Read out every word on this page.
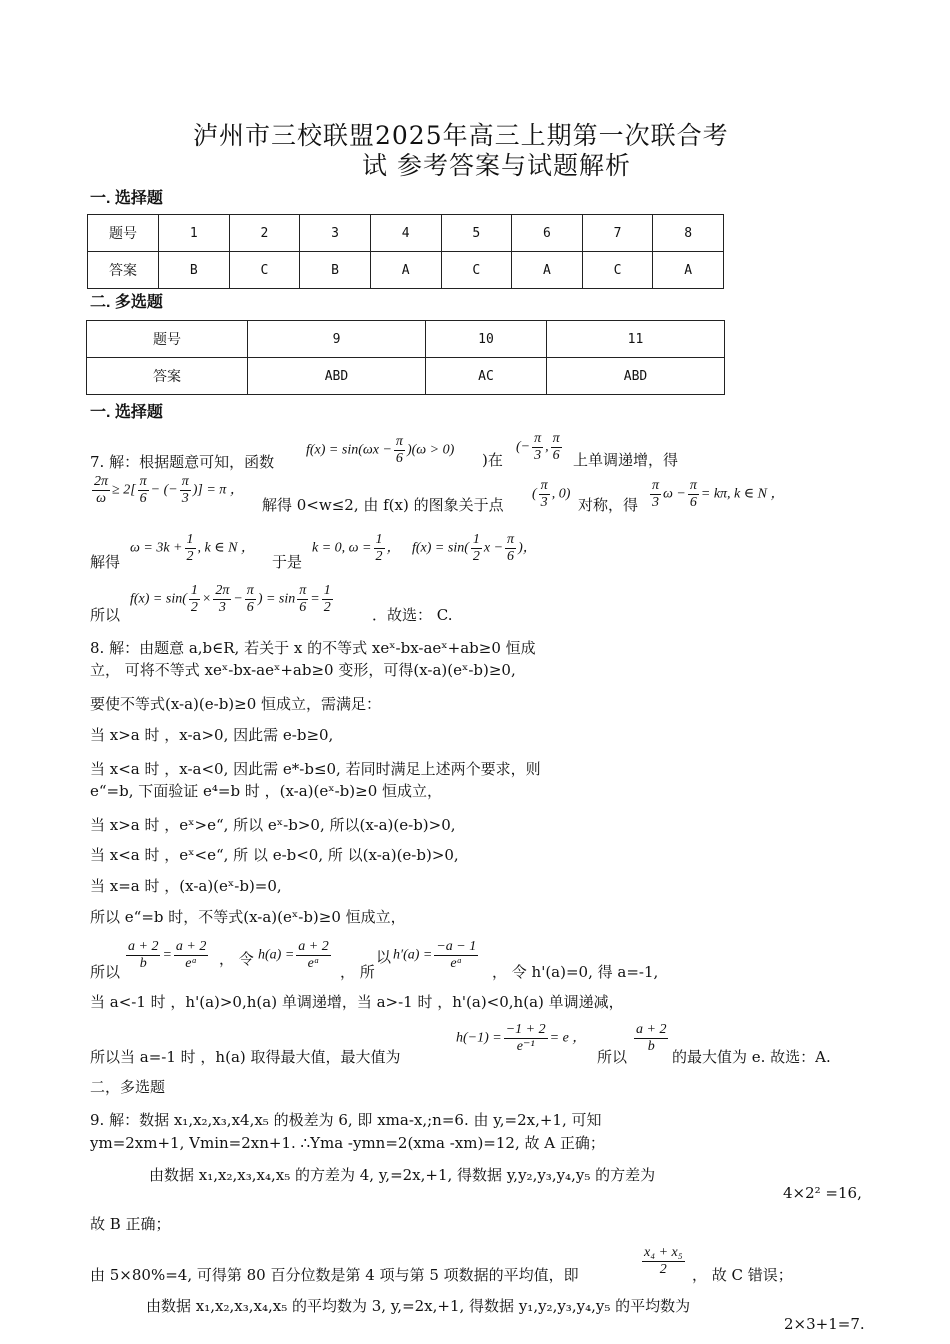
泸州市三校联盟2025年高三上期第一次联合考
试 参考答案与试题解析
一. 选择题
题号	1	2	3	4	5	6	7	8
答案	B	C	B	A	C	A	C	A
二. 多选题
题号	9	10	11
答案	ABD	AC	ABD
一. 选择题
7. 解：根据题意可知，函数
$f(x) = \sin(\omega x - \frac{\pi}{6} )(\omega > 0)$
)在
(− $\frac{\pi}{3}$ , $\frac{\pi}{6}$ 上单调递增，得
$\frac{2\pi}{\omega} \ge 2[ \frac{\pi}{6}$ − (− $\frac{\pi}{3}$ )] = π ，
解得 0<w≤2, 由 f(x) 的图象关于点
( $\frac{\pi}{3}$ , 0)
对称，得 $\frac{\pi}{3}$ $\omega - \frac{\pi}{6} = k\pi$, k ∈ N ，
解得
$\omega = 3k + \frac{1}{2}$ , k ∈ N ，
于是
k = 0, $\omega = \frac{1}{2}$ ， $f(x) = \sin( \frac{1}{2}$ $x - \frac{\pi}{6}$ )，
所以
$f(x) = \sin( \frac{1}{2} \times \frac{2\pi}{3} - \frac{\pi}{6}$ ) = $\sin \frac{\pi}{6} = \frac{1}{2}$	．故选： C.
8. 解：由题意 a,b∈R, 若关于 x 的不等式 xeˣ-bx-aeˣ+ab≥0 恒成
立， 可将不等式 xeˣ-bx-aeˣ+ab≥0 变形，可得(x-a)(eˣ-b)≥0,
要使不等式(x-a)(e-b)≥0 恒成立，需满足：
当 x>a 时 ，x-a>0, 因此需 e-b≥0,
当 x<a 时 ，x-a<0, 因此需 e*-b≤0, 若同时满足上述两个要求，则
e“=b, 下面验证 e⁴=b 时 ，(x-a)(eˣ-b)≥0 恒成立，
当 x>a 时 ，eˣ>e“, 所以 eˣ-b>0, 所以(x-a)(e-b)>0,
当 x<a 时 ，eˣ<e“, 所 以 e-b<0, 所 以(x-a)(e-b)>0,
当 x=a 时 ，(x-a)(eˣ-b)=0,
所以 e“=b 时，不等式(x-a)(eˣ-b)≥0 恒成立，
所以 $\frac{a + 2}{b} = \frac{a + 2}{\text{eᵃ}}$ ， 令 $h(a) = \frac{a + 2}{\text{eᵃ}}$ ， 所
以 $h'(a) = \frac{-a - 1}{\text{eᵃ}}$ ， 令 h'(a)=0, 得 a=-1,
当 a<-1 时 ，h'(a)>0,h(a) 单调递增，当 a>-1 时 ，h'(a)<0,h(a) 单调递减，
所以当 a=-1 时 ，h(a) 取得最大值，最大值为
$h(-1) = \frac{-1 + 2}{\text{e⁻¹}} = e$ ，
所以
$\frac{a + 2}{b}$
的最大值为 e. 故选：A.
二，多选题
9. 解：数据 x₁,x₂,x₃,x4,x₅ 的极差为 6, 即 xma-x,;n=6. 由 y,=2x,+1, 可知
ym=2xm+1, Vmin=2xn+1. ∴Yma -ymn=2(xma -xm)=12, 故 A 正确；
由数据 x₁,x₂,x₃,x₄,x₅ 的方差为 4, y,=2x,+1, 得数据 y,y₂,y₃,y₄,y₅ 的方差为
4×2² =16,
故 B 正确；
由 5×80%=4, 可得第 80 百分位数是第 4 项与第 5 项数据的平均值，即	$\frac{\text{x₄ + x₅}}{2}$ ， 故 C 错误；
由数据 x₁,x₂,x₃,x₄,x₅ 的平均数为 3, y,=2x,+1, 得数据 y₁,y₂,y₃,y₄,y₅ 的平均数为
2×3+1=7.
